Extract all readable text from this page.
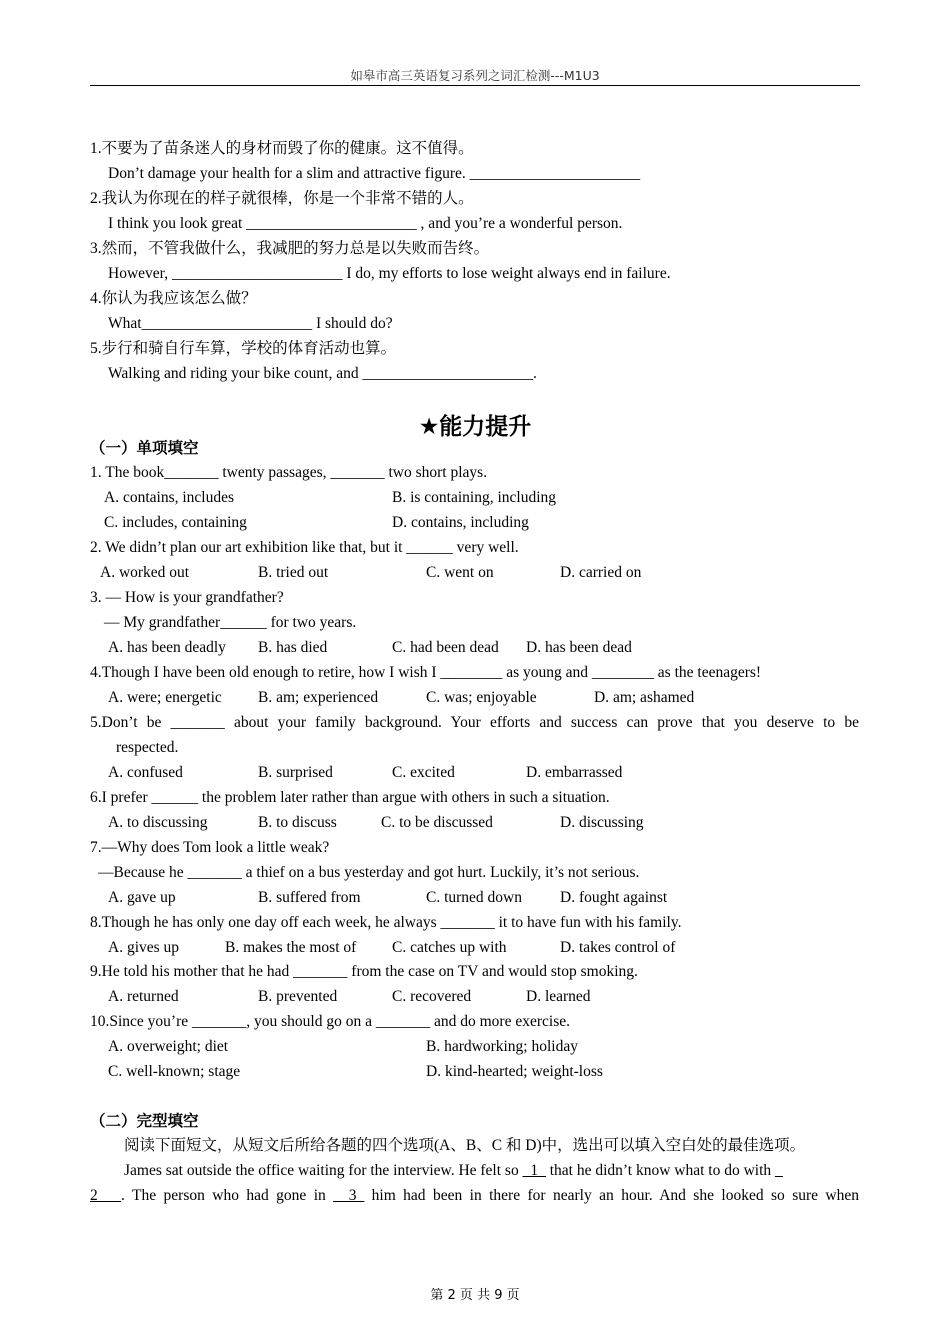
如皋市高三英语复习系列之词汇检测---M1U3
1.不要为了苗条迷人的身材而毁了你的健康。这不值得。
Don’t damage your health for a slim and attractive figure. ______________________
2.我认为你现在的样子就很棒，你是一个非常不错的人。
I think you look great ______________________ , and you’re a wonderful person.
3.然而，不管我做什么，我减肥的努力总是以失败而告终。
However, ______________________ I do, my efforts to lose weight always end in failure.
4.你认为我应该怎么做？
What______________________ I should do?
5.步行和骑自行车算，学校的体育活动也算。
Walking and riding your bike count, and ______________________.
★能力提升
（一）单项填空
1. The book_______ twenty passages, _______ two short plays.
A. contains, includes	B. is containing, including
C. includes, containing	D. contains, including
2. We didn’t plan our art exhibition like that, but it ______ very well.
A. worked out	B. tried out	C. went on	D. carried on
3. — How is your grandfather?
— My grandfather______ for two years.
A. has been deadly B. has died	C. had been dead D. has been dead
4.Though I have been old enough to retire, how I wish I ________ as young and ________ as the teenagers!
A. were; energetic B. am; experienced	C. was; enjoyable	D. am; ashamed
5.Don’t be _______ about your family background. Your efforts and success can prove that you deserve to be
respected.
A. confused	B. surprised	C. excited	D. embarrassed
6.I prefer ______ the problem later rather than argue with others in such a situation.
A. to discussing	B. to discuss	C. to be discussed	D. discussing
7.—Why does Tom look a little weak?
—Because he _______ a thief on a bus yesterday and got hurt. Luckily, it’s not serious.
A. gave up	B. suffered from	C. turned down D. fought against
8.Though he has only one day off each week, he always _______ it to have fun with his family.
A. gives up	B. makes the most of C. catches up with	D. takes control of
9.He told his mother that he had _______ from the case on TV and would stop smoking.
A. returned	B. prevented	C. recovered	D. learned
10.Since you’re _______, you should go on a _______ and do more exercise.
A. overweight; diet	B. hardworking; holiday
C. well-known; stage	D. kind-hearted; weight-loss
（二）完型填空
阅读下面短文，从短文后所给各题的四个选项(A、B、C 和 D)中，选出可以填入空白处的最佳选项。
James sat outside the office waiting for the interview. He felt so _1_ that he didn’t know what to do with _
2___. The person who had gone in __3_ him had been in there for nearly an hour. And she looked so sure when
第 2 页 共 9 页
